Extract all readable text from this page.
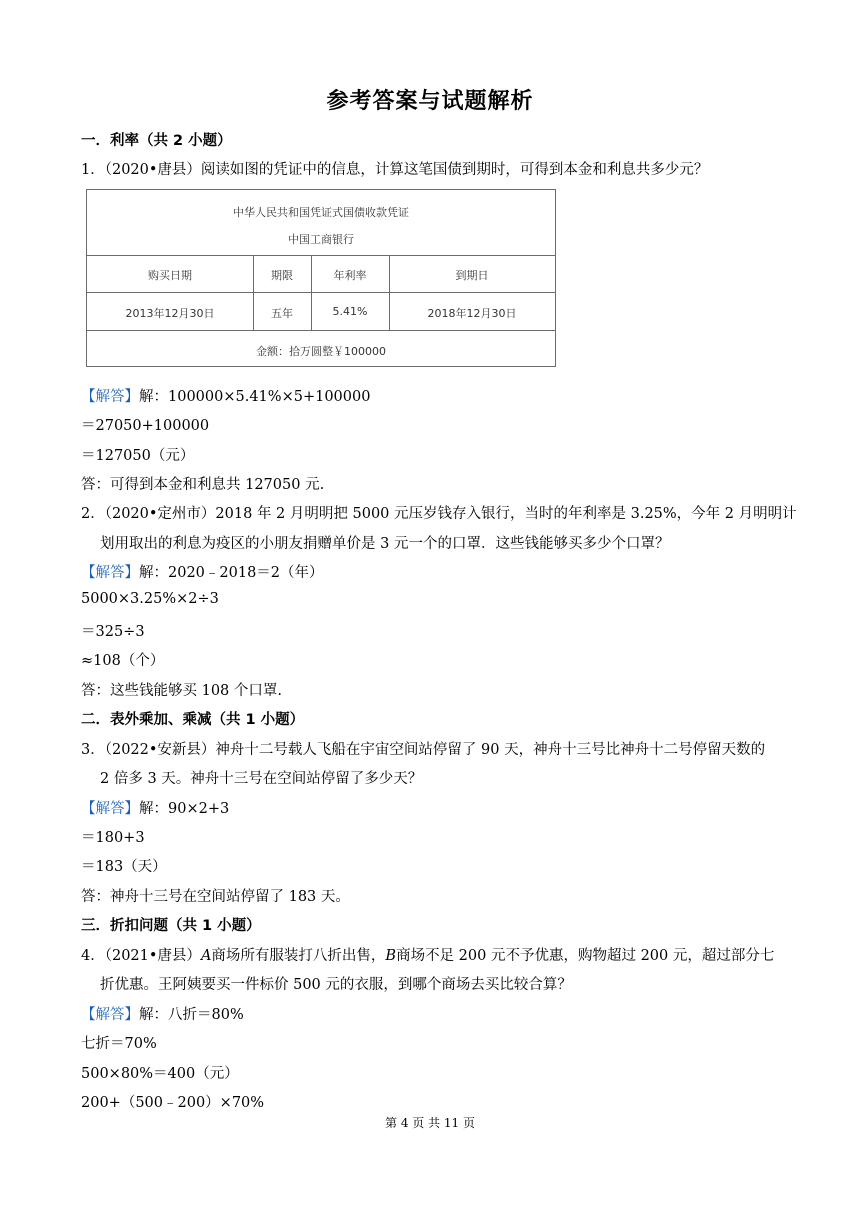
参考答案与试题解析
一．利率（共 2 小题）
1．（2020•唐县）阅读如图的凭证中的信息，计算这笔国债到期时，可得到本金和利息共多少元？
中华人民共和国凭证式国债收款凭证
中国工商银行
购买日期	期限	年利率	到期日
2013年12月30日	五年	5.41%	2018年12月30日
金额：拾万圆整￥100000
【解答】解：100000×5.41%×5+100000
＝27050+100000
＝127050（元）
答：可得到本金和利息共 127050 元.
2．（2020•定州市）2018 年 2 月明明把 5000 元压岁钱存入银行，当时的年利率是 3.25%，今年 2 月明明计
划用取出的利息为疫区的小朋友捐赠单价是 3 元一个的口罩．这些钱能够买多少个口罩？
【解答】解：2020﹣2018＝2（年）
5000×3.25%×2÷3
＝325÷3
≈108（个）
答：这些钱能够买 108 个口罩.
二．表外乘加、乘减（共 1 小题）
3．（2022•安新县）神舟十二号载人飞船在宇宙空间站停留了 90 天，神舟十三号比神舟十二号停留天数的
2 倍多 3 天。神舟十三号在空间站停留了多少天？
【解答】解：90×2+3
＝180+3
＝183（天）
答：神舟十三号在空间站停留了 183 天。
三．折扣问题（共 1 小题）
4．（2021•唐县）A商场所有服装打八折出售，B商场不足 200 元不予优惠，购物超过 200 元，超过部分七
折优惠。王阿姨要买一件标价 500 元的衣服，到哪个商场去买比较合算？
【解答】解：八折＝80%
七折＝70%
500×80%＝400（元）
200+（500﹣200）×70%
第 4 页 共 11 页
